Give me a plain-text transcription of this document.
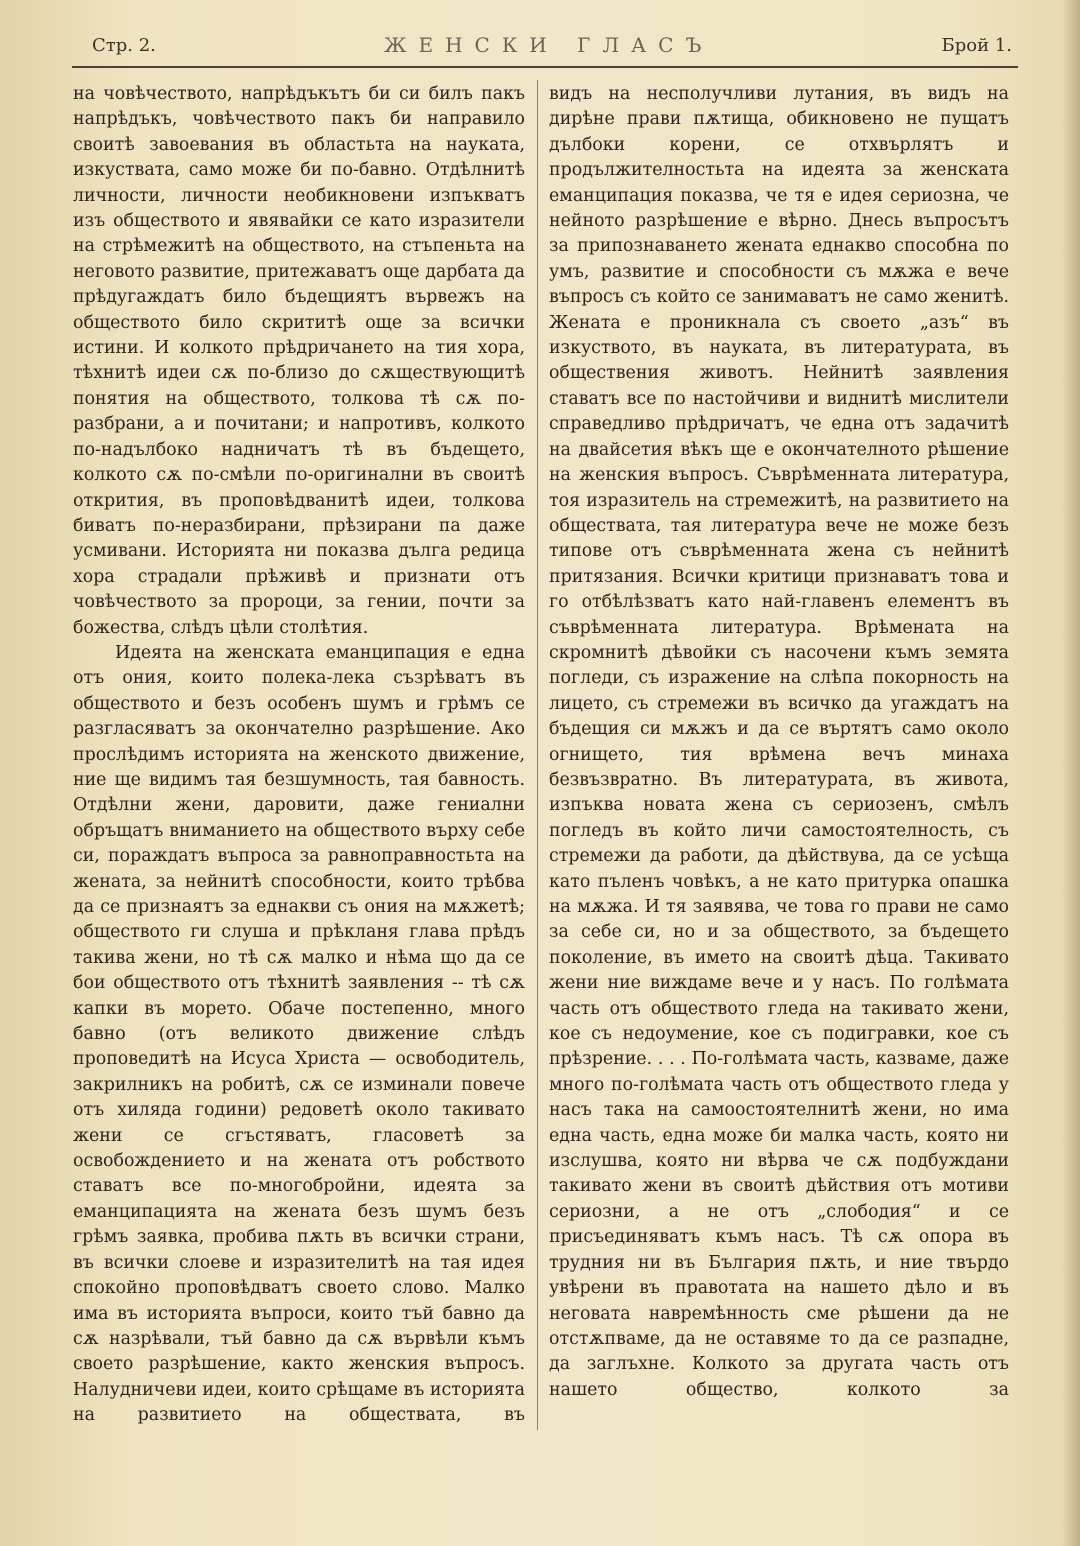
Стр. 2.	ЖЕНСКИ ГЛАСЪ	Брой 1.

на човѣчеството, напрѣдъкътъ би си билъ пакъ напрѣдъкъ, човѣчеството пакъ би направило своитѣ завоевания въ областьта на науката, изкуствата, само може би по-бавно. Отдѣлнитѣ личности, личности необикновени изпъкватъ изъ обществото и явявайки се като изразители на стрѣмежитѣ на обществото, на стъпеньта на неговото развитие, притежаватъ още дарбата да прѣдугаждатъ било бъдещиятъ вървежъ на обществото било скрититѣ още за всички истини. И колкото прѣдричането на тия хора, тѣхнитѣ идеи сѫ по-близо до сѫществующитѣ понятия на обществото, толкова тѣ сѫ по-разбрани, а и почитани; и напротивъ, колкото по-надълбоко надничатъ тѣ въ бъдещето, колкото сѫ по-смѣли по-оригинални въ своитѣ открития, въ проповѣдванитѣ идеи, толкова биватъ по-неразбирани, прѣзирани па даже усмивани. Историята ни показва дълга редица хора страдали прѣживѣ и признати отъ човѣчеството за пророци, за гении, почти за божества, слѣдъ цѣли столѣтия.

Идеята на женската еманципация е една отъ ония, които полека-лека съзрѣватъ въ обществото и безъ особенъ шумъ и грѣмъ се разгласяватъ за окончателно разрѣшение. Ако прослѣдимъ историята на женското движение, ние ще видимъ тая безшумность, тая бавность. Отдѣлни жени, даровити, даже гениални обръщатъ вниманието на обществото върху себе си, пораждатъ въпроса за равноправностьта на жената, за нейнитѣ способности, които трѣбва да се признаятъ за еднакви съ ония на мѫжетѣ; обществото ги слуша и прѣкланя глава прѣдъ такива жени, но тѣ сѫ малко и нѣма що да се бои обществото отъ тѣхнитѣ заявления -- тѣ сѫ капки въ морето. Обаче постепенно, много бавно (отъ великото движение слѣдъ проповедитѣ на Исуса Христа — освободитель, закрилникъ на робитѣ, сѫ се изминали повече отъ хиляда години) редоветѣ около такивато жени се сгъстяватъ, гласоветѣ за освобождението и на жената отъ робството ставатъ все по-многобройни, идеята за еманципацията на жената безъ шумъ безъ грѣмъ заявка, пробива пѫть въ всички страни, въ всички слоеве и изразителитѣ на тая идея спокойно проповѣдватъ своето слово. Малко има въ историята въпроси, които тъй бавно да сѫ назрѣвали, тъй бавно да сѫ вървѣли къмъ своето разрѣшение, както женския въпросъ. Налудничеви идеи, които срѣщаме въ историята на развитието на обществата, въ

видъ на несполучливи лутания, въ видъ на дирѣне прави пѫтища, обикновено не пущатъ дълбоки корени, се отхвърлятъ и продължителностьта на идеята за женската еманципация показва, че тя е идея сериозна, че нейното разрѣшение е вѣрно. Днесь въпросътъ за припознаването жената еднакво способна по умъ, развитие и способности съ мѫжа е вече въпросъ съ който се занимаватъ не само женитѣ. Жената е проникнала съ своето „азъ“ въ изкуството, въ науката, въ литературата, въ обществения животъ. Нейнитѣ заявления ставатъ все по настойчиви и виднитѣ мислители справедливо прѣдричатъ, че една отъ задачитѣ на двайсетия вѣкъ ще е окончателното рѣшение на женския въпросъ. Съврѣменната литература, тоя изразитель на стремежитѣ, на развитието на обществата, тая литература вече не може безъ типове отъ съврѣменната жена съ нейнитѣ притязания. Всички критици признаватъ това и го отбѣлѣзватъ като най-главенъ елементъ въ съврѣменната литература. Врѣмената на скромнитѣ дѣвойки съ насочени къмъ земята погледи, съ изражение на слѣпа покорность на лицето, съ стремежи въ всичко да угаждатъ на бъдещия си мѫжъ и да се въртятъ само около огнището, тия врѣмена вечъ минаха безвъзвратно. Въ литературата, въ живота, изпъква новата жена съ сериозенъ, смѣлъ погледъ въ който личи самостоятелность, съ стремежи да работи, да дѣйствува, да се усѣща като пъленъ човѣкъ, а не като притурка опашка на мѫжа. И тя заявява, че това го прави не само за себе си, но и за обществото, за бъдещето поколение, въ името на своитѣ дѣца. Такивато жени ние виждаме вече и у насъ. По голѣмата часть отъ обществото гледа на такивато жени, кое съ недоумение, кое съ подигравки, кое съ прѣзрение. . . . По-голѣмата часть, казваме, даже много по-голѣмата часть отъ обществото гледа у насъ така на самоостоятелнитѣ жени, но има една часть, една може би малка часть, която ни изслушва, която ни вѣрва че сѫ подбуждани такивато жени въ своитѣ дѣйствия отъ мотиви сериозни, а не отъ „слободия“ и се присъединяватъ къмъ насъ. Тѣ сѫ опора въ трудния ни въ България пѫть, и ние твърдо увѣрени въ правотата на нашето дѣло и въ неговата навремѣнность сме рѣшени да не отстѫпваме, да не оставяме то да се разпадне, да заглъхне. Колкото за другата часть отъ нашето общество, колкото за
